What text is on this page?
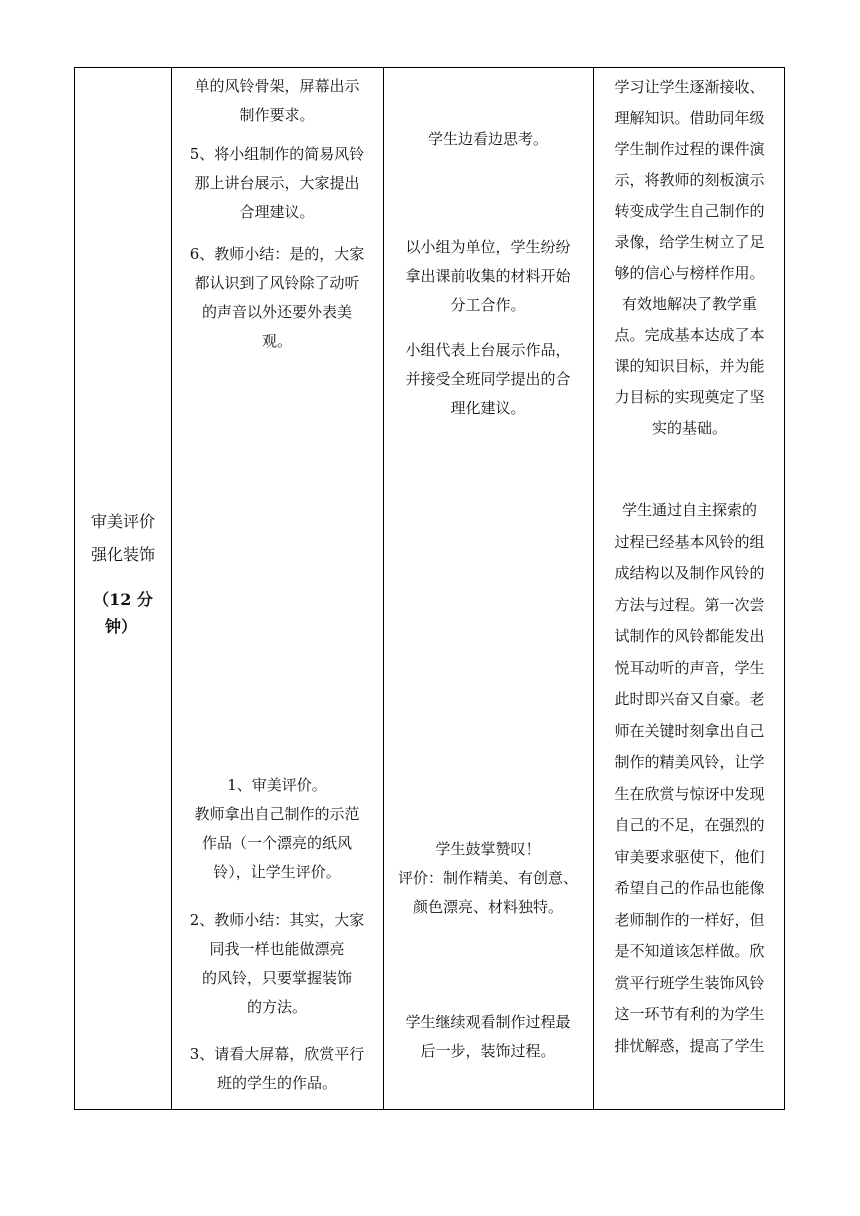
审美评价
强化装饰
（12 分
钟）
单的风铃骨架，屏幕出示
制作要求。
5、将小组制作的简易风铃
那上讲台展示，大家提出
合理建议。
6、教师小结：是的，大家
都认识到了风铃除了动听
的声音以外还要外表美
观。
1、审美评价。
教师拿出自己制作的示范
作品（一个漂亮的纸风
铃），让学生评价。
2、教师小结：其实，大家
同我一样也能做漂亮
的风铃，只要掌握装饰
的方法。
3、请看大屏幕，欣赏平行
班的学生的作品。
学生边看边思考。
以小组为单位，学生纷纷
拿出课前收集的材料开始
分工合作。
小组代表上台展示作品，
并接受全班同学提出的合
理化建议。
学生鼓掌赞叹！
评价：制作精美、有创意、
颜色漂亮、材料独特。
学生继续观看制作过程最
后一步，装饰过程。
学习让学生逐渐接收、
理解知识。借助同年级
学生制作过程的课件演
示，将教师的刻板演示
转变成学生自己制作的
录像，给学生树立了足
够的信心与榜样作用。
有效地解决了教学重
点。完成基本达成了本
课的知识目标，并为能
力目标的实现奠定了坚
实的基础。
学生通过自主探索的
过程已经基本风铃的组
成结构以及制作风铃的
方法与过程。第一次尝
试制作的风铃都能发出
悦耳动听的声音，学生
此时即兴奋又自豪。老
师在关键时刻拿出自己
制作的精美风铃，让学
生在欣赏与惊讶中发现
自己的不足，在强烈的
审美要求驱使下，他们
希望自己的作品也能像
老师制作的一样好，但
是不知道该怎样做。欣
赏平行班学生装饰风铃
这一环节有利的为学生
排忧解惑，提高了学生
